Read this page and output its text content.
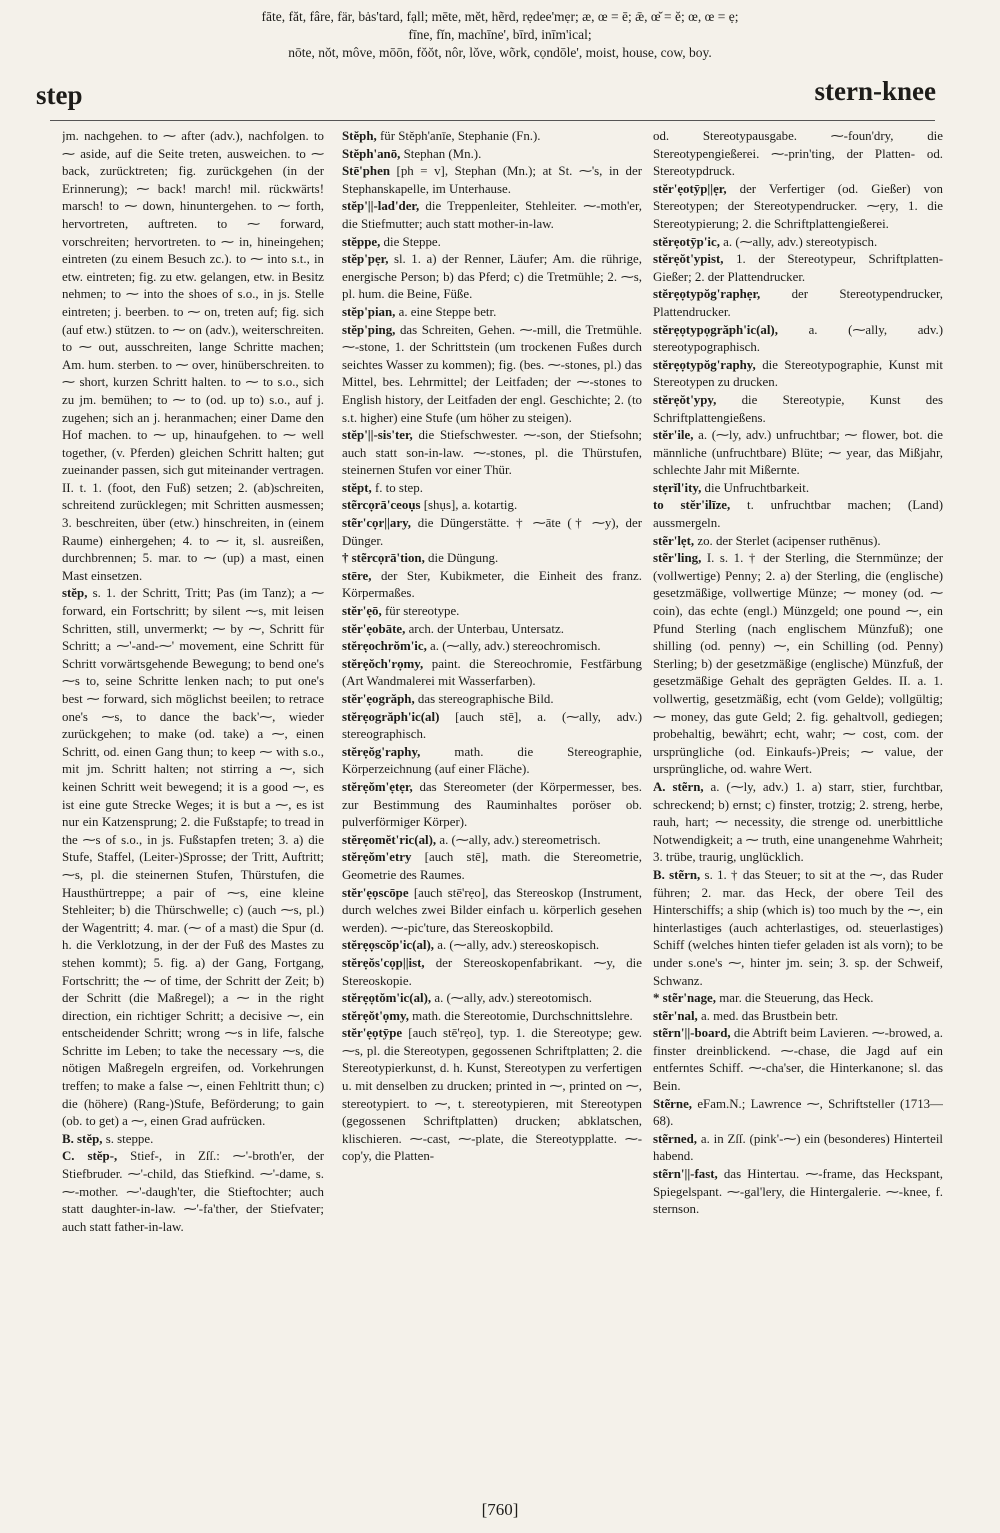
fāte, făt, fâre, fär, bȧs'tard, fạll; mēte, mĕt, hẽrd, rẹdee'mẹr; æ, œ = ē; ǣ, œ̆ = ĕ; œ, œ = ẹ;
fīne, fĭn, machīne', bīrd, inīm'ical;
nōte, nŏt, môve, mōōn, fŏŏt, nôr, lŏve, wõrk, cọndōle', moist, house, cow, boy.
step	stern-knee

jm. nachgehen. to ⁓ after (adv.), nachfolgen. to ⁓ aside, auf die Seite treten, ausweichen. to ⁓ back, zurücktreten; fig. zurückgehen (in der Erinnerung); ⁓ back! march! mil. rückwärts! marsch! to ⁓ down, hinuntergehen. to ⁓ forth, hervortreten, auftreten. to ⁓ forward, vorschreiten; hervortreten. to ⁓ in, hineingehen; eintreten (zu einem Besuch zc.). to ⁓ into s.t., in etw. eintreten; fig. zu etw. gelangen, etw. in Besitz nehmen; to ⁓ into the shoes of s.o., in js. Stelle eintreten; j. beerben. to ⁓ on, treten auf; fig. sich (auf etw.) stützen. to ⁓ on (adv.), weiterschreiten. to ⁓ out, ausschreiten, lange Schritte machen; Am. hum. sterben. to ⁓ over, hinüberschreiten. to ⁓ short, kurzen Schritt halten. to ⁓ to s.o., sich zu jm. bemühen; to ⁓ to (od. up to) s.o., auf j. zugehen; sich an j. heranmachen; einer Dame den Hof machen. to ⁓ up, hinaufgehen. to ⁓ well together, (v. Pferden) gleichen Schritt halten; gut zueinander passen, sich gut miteinander vertragen. II. t. 1. (foot, den Fuß) setzen; 2. (ab)schreiten, schreitend zurücklegen; mit Schritten ausmessen; 3. beschreiten, über (etw.) hinschreiten, in (einem Raume) einhergehen; 4. to ⁓ it, sl. ausreißen, durchbrennen; 5. mar. to ⁓ (up) a mast, einen Mast einsetzen.

stĕp, s. 1. der Schritt, Tritt; Pas (im Tanz); a ⁓ forward, ein Fortschritt; by silent ⁓s, mit leisen Schritten, still, unvermerkt; ⁓ by ⁓, Schritt für Schritt; a ⁓'-and-⁓' movement, eine Schritt für Schritt vorwärtsgehende Bewegung; to bend one's ⁓s to, seine Schritte lenken nach; to put one's best ⁓ forward, sich möglichst beeilen; to retrace one's ⁓s, to dance the back'⁓, wieder zurückgehen; to make (od. take) a ⁓, einen Schritt, od. einen Gang thun; to keep ⁓ with s.o., mit jm. Schritt halten; not stirring a ⁓, sich keinen Schritt weit bewegend; it is a good ⁓, es ist eine gute Strecke Weges; it is but a ⁓, es ist nur ein Katzensprung; 2. die Fußstapfe; to tread in the ⁓s of s.o., in js. Fußstapfen treten; 3. a) die Stufe, Staffel, (Leiter-)Sprosse; der Tritt, Auftritt; ⁓s, pl. die steinernen Stufen, Thürstufen, die Hausthürtreppe; a pair of ⁓s, eine kleine Stehleiter; b) die Thürschwelle; c) (auch ⁓s, pl.) der Wagentritt; 4. mar. (⁓ of a mast) die Spur (d. h. die Verklotzung, in der der Fuß des Mastes zu stehen kommt); 5. fig. a) der Gang, Fortgang, Fortschritt; the ⁓ of time, der Schritt der Zeit; b) der Schritt (die Maßregel); a ⁓ in the right direction, ein richtiger Schritt; a decisive ⁓, ein entscheidender Schritt; wrong ⁓s in life, falsche Schritte im Leben; to take the necessary ⁓s, die nötigen Maßregeln ergreifen, od. Vorkehrungen treffen; to make a false ⁓, einen Fehltritt thun; c) die (höhere) (Rang-)Stufe, Beförderung; to gain (ob. to get) a ⁓, einen Grad aufrücken.

B. stĕp, s. steppe.

C. stĕp-, Stief-, in Zſſ.: ⁓'-broth'er, der Stiefbruder. ⁓'-child, das Stiefkind. ⁓'-dame, s. ⁓-mother. ⁓'-daugh'ter, die Stieftochter; auch statt daughter-in-law. ⁓'-fa'ther, der Stiefvater; auch statt father-in-law.

Stĕph, für Stĕph'anīe, Stephanie (Fn.).

Stĕph'anō, Stephan (Mn.).

Stē'phen [ph = v], Stephan (Mn.); at St. ⁓'s, in der Stephanskapelle, im Unterhause.

stĕp'||-lad'der, die Treppenleiter, Stehleiter. ⁓-moth'er, die Stiefmutter; auch statt mother-in-law.

stĕppe, die Steppe.

stĕp'pẹr, sl. 1. a) der Renner, Läufer; Am. die rührige, energische Person; b) das Pferd; c) die Tretmühle; 2. ⁓s, pl. hum. die Beine, Füße.

stĕp'pian, a. eine Steppe betr.

stĕp'ping, das Schreiten, Gehen. ⁓-mill, die Tretmühle. ⁓-stone, 1. der Schrittstein (um trockenen Fußes durch seichtes Wasser zu kommen); fig. (bes. ⁓-stones, pl.) das Mittel, bes. Lehrmittel; der Leitfaden; der ⁓-stones to English history, der Leitfaden der engl. Geschichte; 2. (to s.t. higher) eine Stufe (um höher zu steigen).

stĕp'||-sis'ter, die Stiefschwester. ⁓-son, der Stiefsohn; auch statt son-in-law. ⁓-stones, pl. die Thürstufen, steinernen Stufen vor einer Thür.

stĕpt, f. to step.

stẽrcọrā'ceoụs [shụs], a. kotartig.

stẽr'cọr||ary, die Düngerstätte. † ⁓āte († ⁓y), der Dünger.

† stẽrcọrā'tion, die Düngung.

stēre, der Ster, Kubikmeter, die Einheit des franz. Körpermaßes.

stĕr'ẹō, für stereotype.

stĕr'ẹobāte, arch. der Unterbau, Untersatz.

stĕrẹochrŏm'ic, a. (⁓ally, adv.) stereochromisch.

stĕrẹŏch'rọmy, paint. die Stereochromie, Festfärbung (Art Wandmalerei mit Wasserfarben).

stĕr'ẹogrăph, das stereographische Bild.

stĕrẹogrăph'ic(al) [auch stē], a. (⁓ally, adv.) stereographisch.

stĕrẹŏg'raphy, math. die Stereographie, Körperzeichnung (auf einer Fläche).

stĕrẹŏm'ẹtẹr, das Stereometer (der Körpermesser, bes. zur Bestimmung des Rauminhaltes poröser ob. pulverförmiger Körper).

stĕrẹomĕt'ric(al), a. (⁓ally, adv.) stereometrisch.

stĕrẹŏm'etry [auch stē], math. die Stereometrie, Geometrie des Raumes.

stĕr'ẹọscōpe [auch stē'rẹo], das Stereoskop (Instrument, durch welches zwei Bilder einfach u. körperlich gesehen werden). ⁓-pic'ture, das Stereoskopbild.

stĕrẹọscŏp'ic(al), a. (⁓ally, adv.) stereoskopisch.

stĕrẹŏs'cọp||ist, der Stereoskopenfabrikant. ⁓y, die Stereoskopie.

stĕrẹọtŏm'ic(al), a. (⁓ally, adv.) stereotomisch.

stĕrẹŏt'ọmy, math. die Stereotomie, Durchschnittslehre.

stĕr'ẹọtȳpe [auch stē'rẹo], typ. 1. die Stereotype; gew. ⁓s, pl. die Stereotypen, gegossenen Schriftplatten; 2. die Stereotypierkunst, d. h. Kunst, Stereotypen zu verfertigen u. mit denselben zu drucken; printed in ⁓, printed on ⁓, stereotypiert. to ⁓, t. stereotypieren, mit Stereotypen (gegossenen Schriftplatten) drucken; abklatschen, klischieren. ⁓-cast, ⁓-plate, die Stereotypplatte. ⁓-cop'y, die Platten-

od. Stereotypausgabe. ⁓-foun'dry, die Stereotypengießerei. ⁓-prin'ting, der Platten- od. Stereotypdruck.

stĕr'ẹotȳp||ẹr, der Verfertiger (od. Gießer) von Stereotypen; der Stereotypendrucker. ⁓ẹry, 1. die Stereotypierung; 2. die Schriftplattengießerei.

stĕrẹotȳp'ic, a. (⁓ally, adv.) stereotypisch.

stĕrẹŏt'ypist, 1. der Stereotypeur, Schriftplatten-Gießer; 2. der Plattendrucker.

stĕrẹọtypŏg'raphẹr, der Stereotypendrucker, Plattendrucker.

stĕrẹọtypọgrăph'ic(al), a. (⁓ally, adv.) stereotypographisch.

stĕrẹọtypŏg'raphy, die Stereotypographie, Kunst mit Stereotypen zu drucken.

stĕrẹŏt'ypy, die Stereotypie, Kunst des Schriftplattengießens.

stĕr'ile, a. (⁓ly, adv.) unfruchtbar; ⁓ flower, bot. die männliche (unfruchtbare) Blüte; ⁓ year, das Mißjahr, schlechte Jahr mit Mißernte.

stẹrĭl'ity, die Unfruchtbarkeit.

to stĕr'ilīze, t. unfruchtbar machen; (Land) aussmergeln.

stẽr'lẹt, zo. der Sterlet (acipenser ruthēnus).

stẽr'ling, I. s. 1. † der Sterling, die Sternmünze; der (vollwertige) Penny; 2. a) der Sterling, die (englische) gesetzmäßige, vollwertige Münze; ⁓ money (od. ⁓ coin), das echte (engl.) Münzgeld; one pound ⁓, ein Pfund Sterling (nach englischem Münzfuß); one shilling (od. penny) ⁓, ein Schilling (od. Penny) Sterling; b) der gesetzmäßige (englische) Münzfuß, der gesetzmäßige Gehalt des geprägten Geldes. II. a. 1. vollwertig, gesetzmäßig, echt (vom Gelde); vollgültig; ⁓ money, das gute Geld; 2. fig. gehaltvoll, gediegen; probehaltig, bewährt; echt, wahr; ⁓ cost, com. der ursprüngliche (od. Einkaufs-)Preis; ⁓ value, der ursprüngliche, od. wahre Wert.

A. stẽrn, a. (⁓ly, adv.) 1. a) starr, stier, furchtbar, schreckend; b) ernst; c) finster, trotzig; 2. streng, herbe, rauh, hart; ⁓ necessity, die strenge od. unerbittliche Notwendigkeit; a ⁓ truth, eine unangenehme Wahrheit; 3. trübe, traurig, unglücklich.

B. stẽrn, s. 1. † das Steuer; to sit at the ⁓, das Ruder führen; 2. mar. das Heck, der obere Teil des Hinterschiffs; a ship (which is) too much by the ⁓, ein hinterlastiges (auch achterlastiges, od. steuerlastiges) Schiff (welches hinten tiefer geladen ist als vorn); to be under s.one's ⁓, hinter jm. sein; 3. sp. der Schweif, Schwanz.

* stẽr'nage, mar. die Steuerung, das Heck.

stẽr'nal, a. med. das Brustbein betr.

stẽrn'||-board, die Abtrift beim Lavieren. ⁓-browed, a. finster dreinblickend. ⁓-chase, die Jagd auf ein entferntes Schiff. ⁓-cha'ser, die Hinterkanone; sl. das Bein.

Stẽrne, eFam.N.; Lawrence ⁓, Schriftsteller (1713—68).

stẽrned, a. in Zſſ. (pink'-⁓) ein (besonderes) Hinterteil habend.

stẽrn'||-fast, das Hintertau. ⁓-frame, das Heckspant, Spiegelspant. ⁓-gal'lery, die Hintergalerie. ⁓-knee, f. sternson.

[760]
